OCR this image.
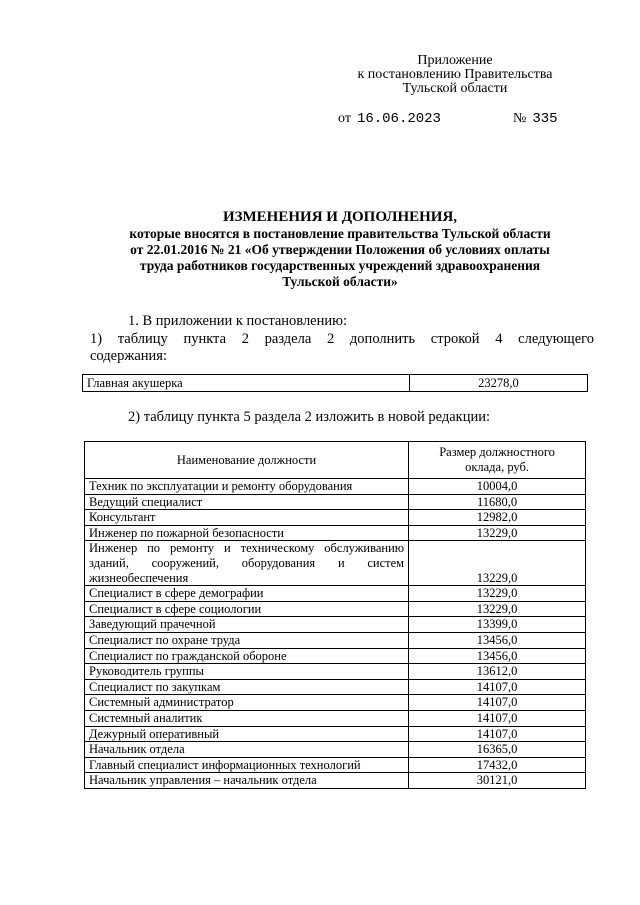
Приложение
к постановлению Правительства
Тульской области
от 16.06.2023	№ 335
ИЗМЕНЕНИЯ И ДОПОЛНЕНИЯ,
которые вносятся в постановление правительства Тульской области
от 22.01.2016 № 21 «Об утверждении Положения об условиях оплаты
труда работников государственных учреждений здравоохранения
Тульской области»
1. В приложении к постановлению:
1) таблицу пункта 2 раздела 2 дополнить строкой 4 следующего
содержания:
Главная акушерка	23278,0
2) таблицу пункта 5 раздела 2 изложить в новой редакции:
Наименование должности	Размер должностного
оклада, руб.

Техник по эксплуатации и ремонту оборудования	10004,0
Ведущий специалист	11680,0
Консультант	12982,0
Инженер по пожарной безопасности	13229,0
Инженер по ремонту и техническому обслуживанию зданий, сооружений, оборудования и систем жизнеобеспечения	13229,0
Специалист в сфере демографии	13229,0
Специалист в сфере социологии	13229,0
Заведующий прачечной	13399,0
Специалист по охране труда	13456,0
Специалист по гражданской обороне	13456,0
Руководитель группы	13612,0
Специалист по закупкам	14107,0
Системный администратор	14107,0
Системный аналитик	14107,0
Дежурный оперативный	14107,0
Начальник отдела	16365,0
Главный специалист информационных технологий	17432,0
Начальник управления – начальник отдела	30121,0
